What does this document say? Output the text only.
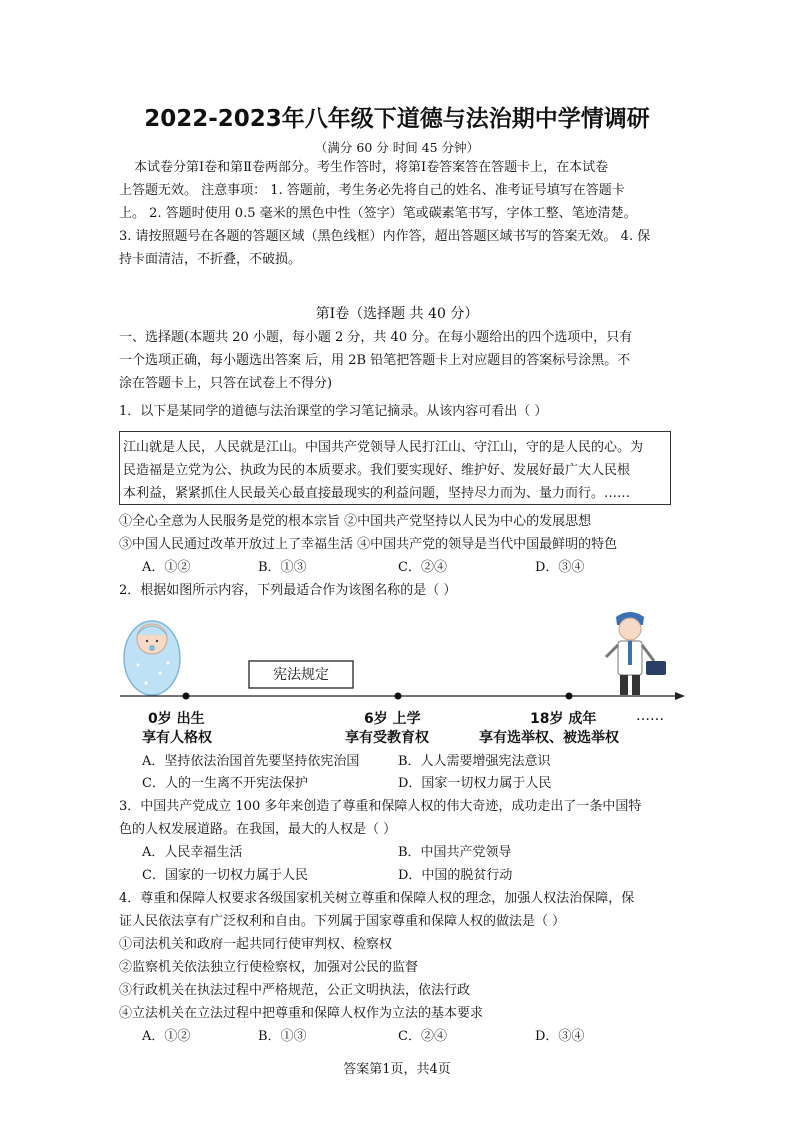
2022-2023年八年级下道德与法治期中学情调研
（满分 60 分 时间 45 分钟）
本试卷分第Ⅰ卷和第Ⅱ卷两部分。考生作答时，将第Ⅰ卷答案答在答题卡上，在本试卷
上答题无效。 注意事项： 1. 答题前，考生务必先将自己的姓名、准考证号填写在答题卡
上。 2. 答题时使用 0.5 毫米的黑色中性（签字）笔或碳素笔书写，字体工整、笔迹清楚。
3. 请按照题号在各题的答题区域（黑色线框）内作答，超出答题区域书写的答案无效。 4. 保
持卡面清洁，不折叠，不破损。
第Ⅰ卷（选择题 共 40 分）
一、选择题(本题共 20 小题，每小题 2 分，共 40 分。在每小题给出的四个选项中，只有
一个选项正确，每小题选出答案 后，用 2B 铅笔把答题卡上对应题目的答案标号涂黑。不
涂在答题卡上，只答在试卷上不得分)
1．以下是某同学的道德与法治课堂的学习笔记摘录。从该内容可看出（ ）
江山就是人民，人民就是江山。中国共产党领导人民打江山、守江山，守的是人民的心。为
民造福是立党为公、执政为民的本质要求。我们要实现好、维护好、发展好最广大人民根
本利益，紧紧抓住人民最关心最直接最现实的利益问题，坚持尽力而为、量力而行。……
①全心全意为人民服务是党的根本宗旨 ②中国共产党坚持以人民为中心的发展思想
③中国人民通过改革开放过上了幸福生活 ④中国共产党的领导是当代中国最鲜明的特色
A．①②	B．①③	C．②④	D．③④
2．根据如图所示内容，下列最适合作为该图名称的是（ ）
宪法规定
0岁 出生
享有人格权
6岁 上学
享有受教育权
18岁 成年
享有选举权、被选举权
……
A．坚持依法治国首先要坚持依宪治国	B．人人需要增强宪法意识
C．人的一生离不开宪法保护	D．国家一切权力属于人民
3．中国共产党成立 100 多年来创造了尊重和保障人权的伟大奇迹，成功走出了一条中国特
色的人权发展道路。在我国，最大的人权是（ ）
A．人民幸福生活	B．中国共产党领导
C．国家的一切权力属于人民	D．中国的脱贫行动
4．尊重和保障人权要求各级国家机关树立尊重和保障人权的理念，加强人权法治保障，保
证人民依法享有广泛权利和自由。下列属于国家尊重和保障人权的做法是（ ）
①司法机关和政府一起共同行使审判权、检察权
②监察机关依法独立行使检察权，加强对公民的监督
③行政机关在执法过程中严格规范，公正文明执法，依法行政
④立法机关在立法过程中把尊重和保障人权作为立法的基本要求
A．①②	B．①③	C．②④	D．③④
答案第1页，共4页
